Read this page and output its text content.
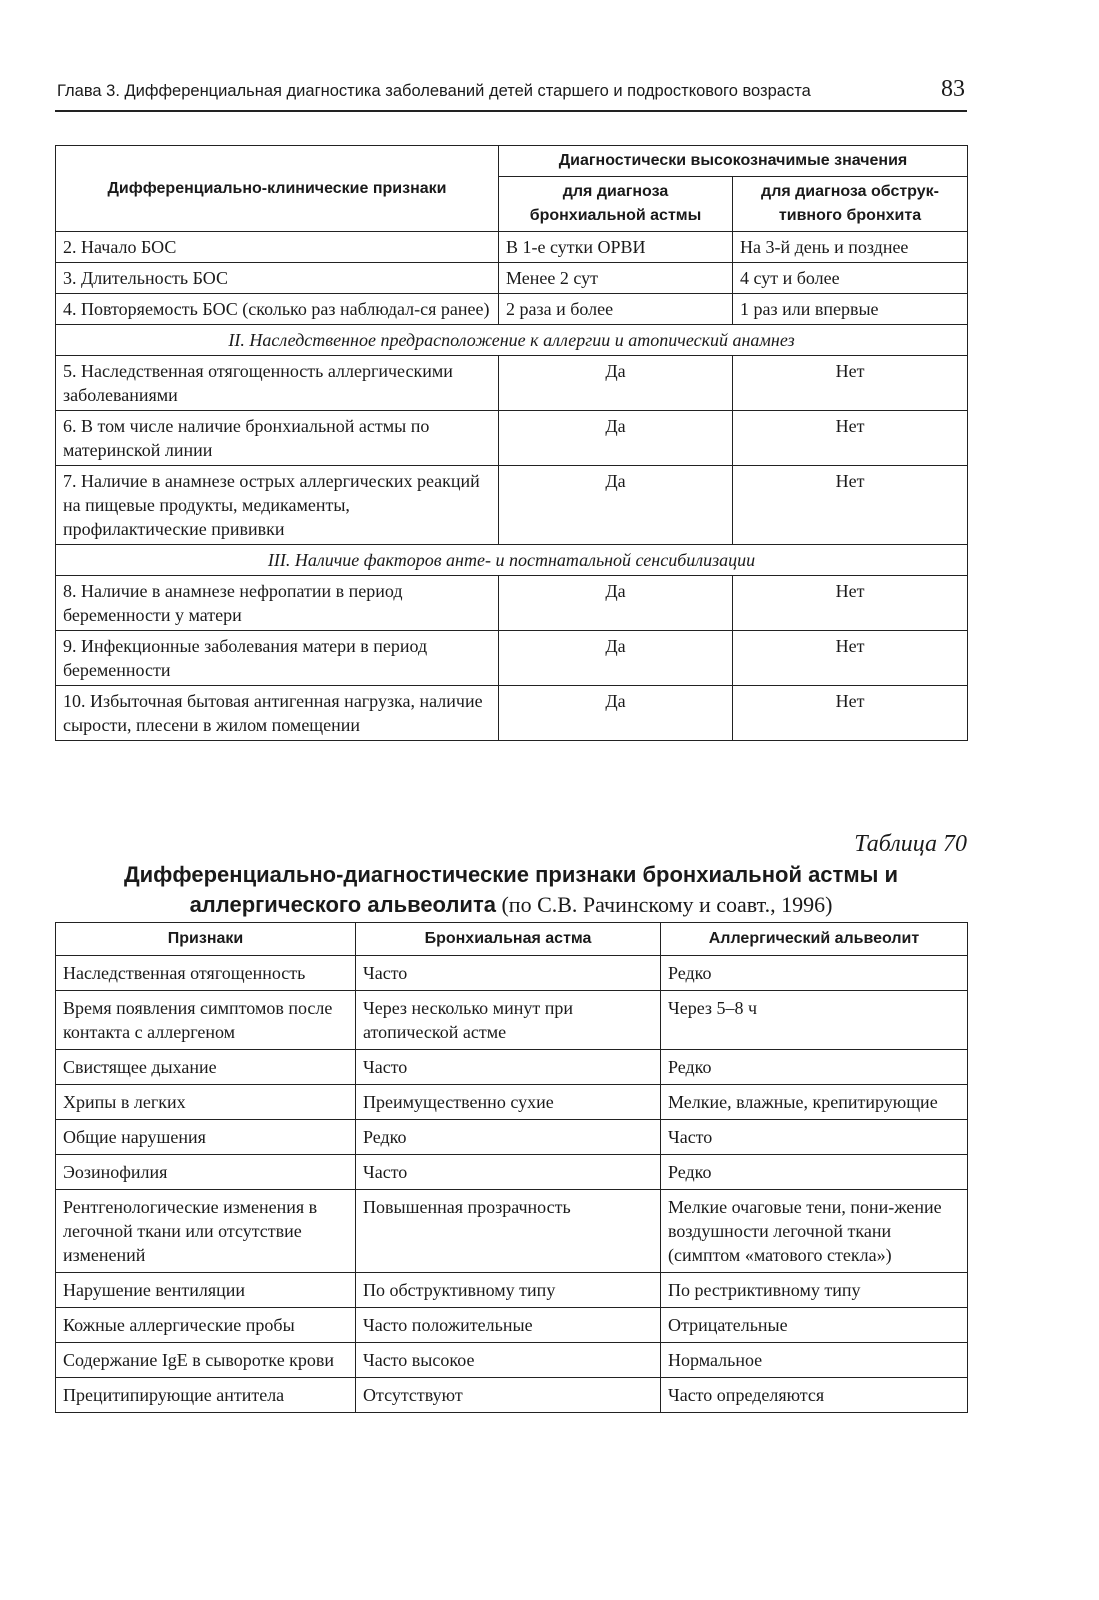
Глава 3. Дифференциальная диагностика заболеваний детей старшего и подросткового возраста	83
Дифференциально-клинические признаки	Диагностически высокозначимые значения	
	для диагноза бронхиальной астмы	для диагноза обструк-тивного бронхита
2. Начало БОС	В 1-е сутки ОРВИ	На 3-й день и позднее
3. Длительность БОС	Менее 2 сут	4 сут и более
4. Повторяемость БОС (сколько раз наблюдал-ся ранее)	2 раза и более	1 раз или впервые
II. Наследственное предрасположение к аллергии и атопический анамнез		
5. Наследственная отягощенность аллергическими заболеваниями	Да	Нет
6. В том числе наличие бронхиальной астмы по материнской линии	Да	Нет
7. Наличие в анамнезе острых аллергических реакций на пищевые продукты, медикаменты, профилактические прививки	Да	Нет
III. Наличие факторов анте- и постнатальной сенсибилизации		
8. Наличие в анамнезе нефропатии в период беременности у матери	Да	Нет
9. Инфекционные заболевания матери в период беременности	Да	Нет
10. Избыточная бытовая антигенная нагрузка, наличие сырости, плесени в жилом помещении	Да	Нет
Таблица 70
Дифференциально-диагностические признаки бронхиальной астмы и аллергического альвеолита (по С.В. Рачинскому и соавт., 1996)
Признаки	Бронхиальная астма	Аллергический альвеолит
Наследственная отягощенность	Часто	Редко
Время появления симптомов после контакта с аллергеном	Через несколько минут при атопической астме	Через 5–8 ч
Свистящее дыхание	Часто	Редко
Хрипы в легких	Преимущественно сухие	Мелкие, влажные, крепитирующие
Общие нарушения	Редко	Часто
Эозинофилия	Часто	Редко
Рентгенологические изменения в легочной ткани или отсутствие изменений	Повышенная прозрачность	Мелкие очаговые тени, пони-жение воздушности легочной ткани (симптом «матового стекла»)
Нарушение вентиляции	По обструктивному типу	По рестриктивному типу
Кожные аллергические пробы	Часто положительные	Отрицательные
Содержание IgE в сыворотке крови	Часто высокое	Нормальное
Прецитипирующие антитела	Отсутствуют	Часто определяются
